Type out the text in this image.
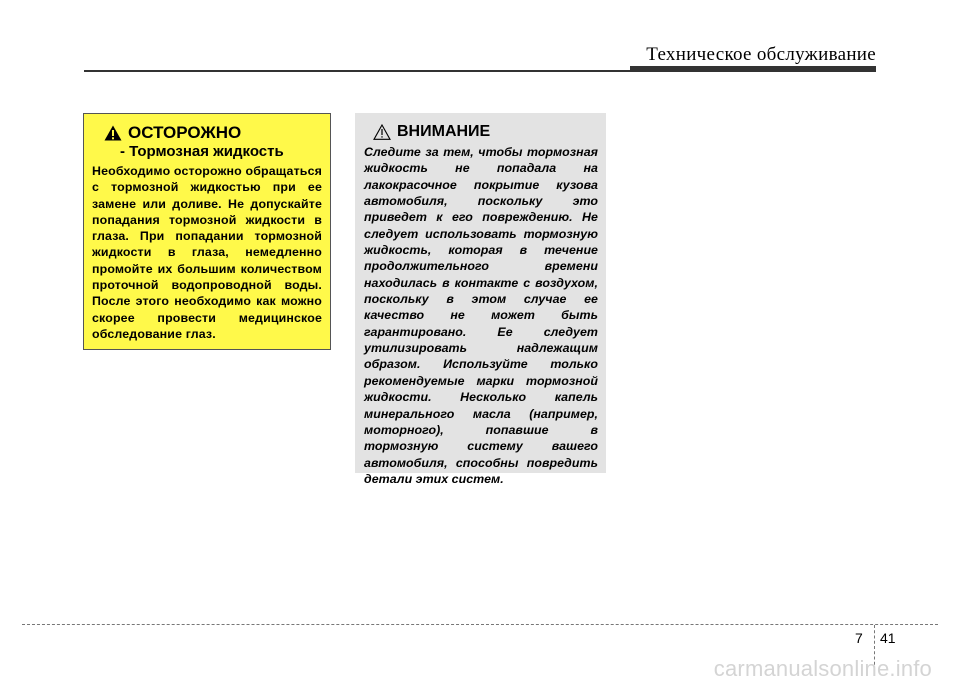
Техническое обслуживание
ОСТОРОЖНО
- Тормозная жидкость
Необходимо осторожно обращаться с тормозной жидкостью при ее замене или доливе. Не допускайте попадания тормозной жидкости в глаза. При попадании тормозной жидкости в глаза, немедленно промойте их большим количеством проточной водопроводной воды. После этого необходимо как можно скорее провести медицинское обследование глаз.
ВНИМАНИЕ
Следите за тем, чтобы тормозная жидкость не попадала на лакокрасочное покрытие кузова автомобиля, поскольку это приведет к его повреждению. Не следует использовать тормозную жидкость, которая в течение продолжительного времени находилась в контакте с воздухом, поскольку в этом случае ее качество не может быть гарантировано. Ее следует утилизировать надлежащим образом. Используйте только рекомендуемые марки тормозной жидкости. Несколько капель минерального масла (например, моторного), попавшие в тормозную систему вашего автомобиля, способны повредить детали этих систем.
7 41
carmanualsonline.info
